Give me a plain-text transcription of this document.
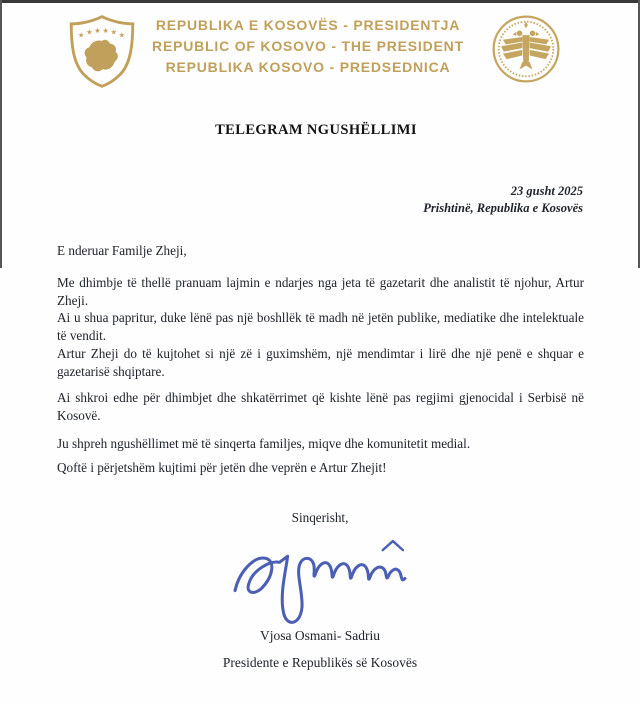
★ ★ ★ ★ ★ ★
REPUBLIKA E KOSOVËS - PRESIDENTJA
REPUBLIC OF KOSOVO - THE PRESIDENT
REPUBLIKA KOSOVO - PREDSEDNICA
TELEGRAM NGUSHËLLIMI
23 gusht 2025
Prishtinë, Republika e Kosovës

E nderuar Familje Zheji,

Me dhimbje të thellë pranuam lajmin e ndarjes nga jeta të gazetarit dhe analistit të njohur, Artur Zheji.

Ai u shua papritur, duke lënë pas një boshllëk të madh në jetën publike, mediatike dhe intelektuale të vendit.

Artur Zheji do të kujtohet si një zë i guximshëm, një mendimtar i lirë dhe një penë e shquar e gazetarisë shqiptare.

Ai shkroi edhe për dhimbjet dhe shkatërrimet që kishte lënë pas regjimi gjenocidal i Serbisë në Kosovë.

Ju shpreh ngushëllimet më të sinqerta familjes, miqve dhe komunitetit medial.

Qoftë i përjetshëm kujtimi për jetën dhe veprën e Artur Zhejit!

Sinqerisht,

Vjosa Osmani- Sadriu

Presidente e Republikës së Kosovës
